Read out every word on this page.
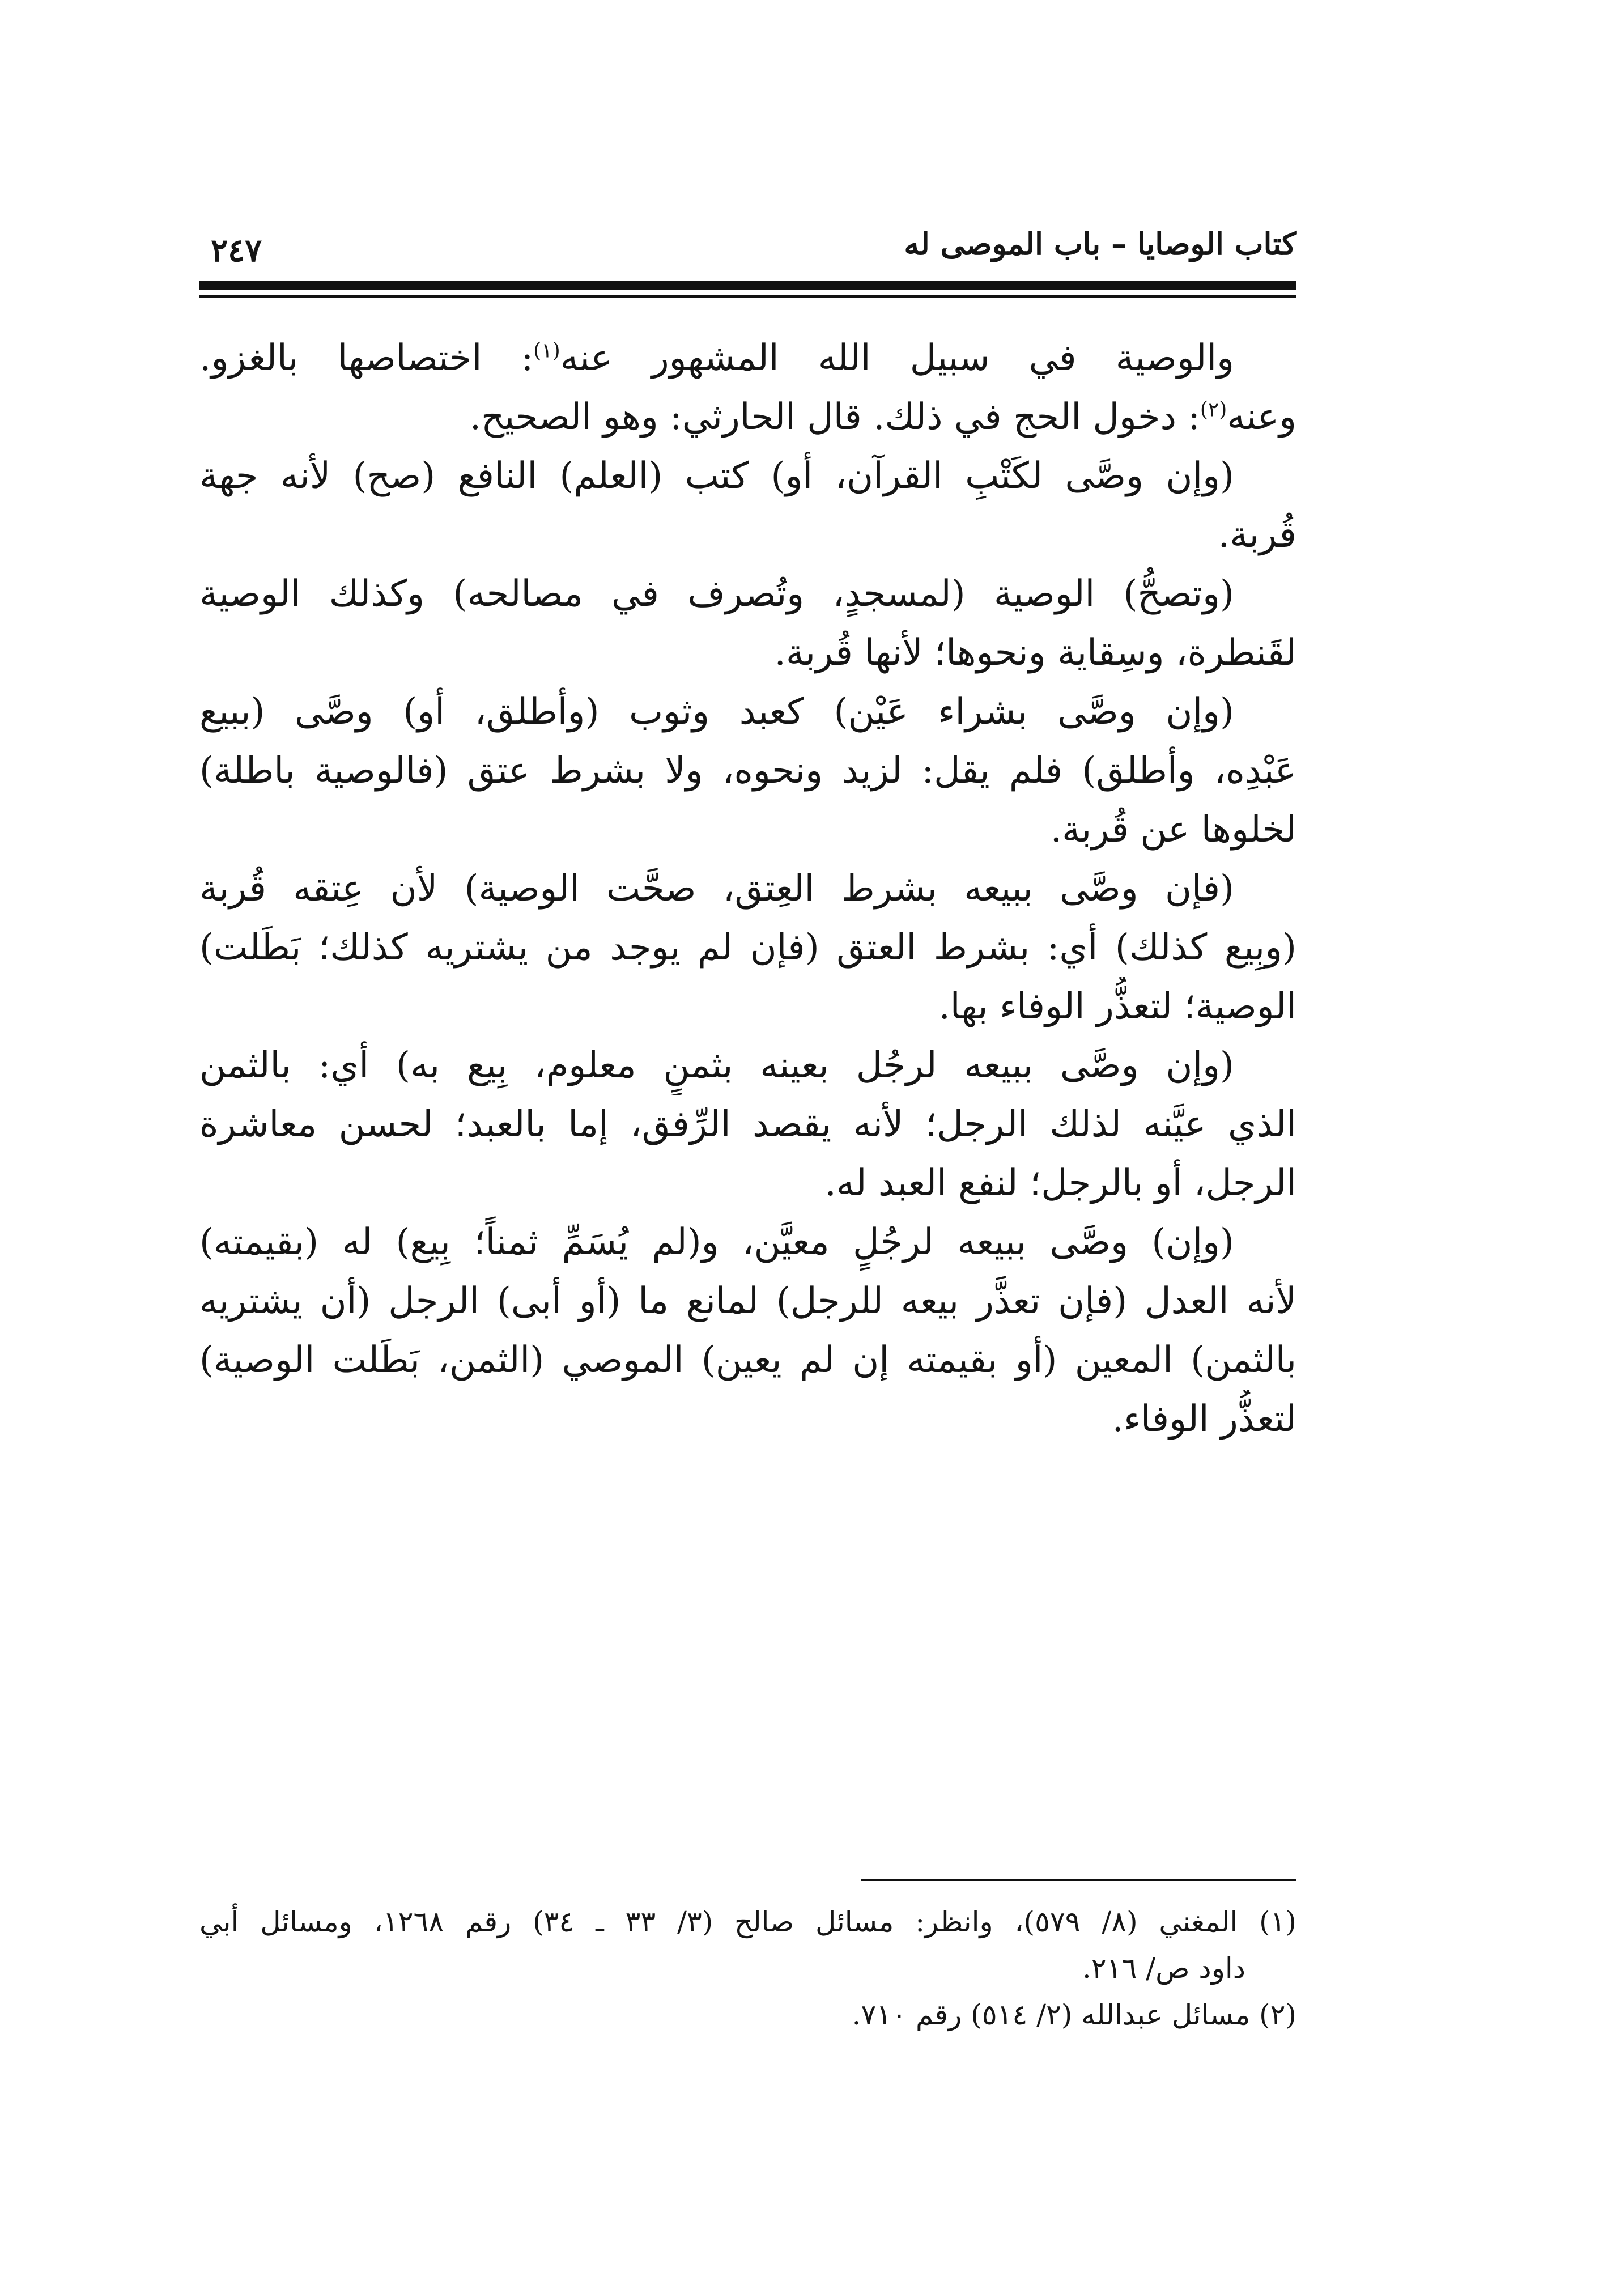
كتاب الوصايا – باب الموصى له
٢٤٧
والوصية في سبيل الله المشهور عنه$^{(١)}$: اختصاصها بالغزو.
وعنه$^{(٢)}$: دخول الحج في ذلك. قال الحارثي: وهو الصحيح.
(وإن وصَّى لكَتْبِ القرآن، أو) كتب (العلم) النافع (صح) لأنه جهة
قُربة.
(وتصحُّ) الوصية (لمسجدٍ، وتُصرف في مصالحه) وكذلك الوصية
لقَنطرة، وسِقاية ونحوها؛ لأنها قُربة.
(وإن وصَّى بشراء عَيْن) كعبد وثوب (وأطلق، أو) وصَّى (ببيع
عَبْدِه، وأطلق) فلم يقل: لزيد ونحوه، ولا بشرط عتق (فالوصية باطلة)
لخلوها عن قُربة.
(فإن وصَّى ببيعه بشرط العِتق، صحَّت الوصية) لأن عِتقه قُربة
(وبِيع كذلك) أي: بشرط العتق (فإن لم يوجد من يشتريه كذلك؛ بَطَلت)
الوصية؛ لتعذُّر الوفاء بها.
(وإن وصَّى ببيعه لرجُل بعينه بثمنٍ معلوم، بِيع به) أي: بالثمن
الذي عيَّنه لذلك الرجل؛ لأنه يقصد الرِّفق، إما بالعبد؛ لحسن معاشرة
الرجل، أو بالرجل؛ لنفع العبد له.
(وإن) وصَّى ببيعه لرجُلٍ معيَّن، و(لم يُسَمِّ ثمناً؛ بِيع) له (بقيمته)
لأنه العدل (فإن تعذَّر بيعه للرجل) لمانع ما (أو أبى) الرجل (أن يشتريه
بالثمن) المعين (أو بقيمته إن لم يعين) الموصي (الثمن، بَطَلت الوصية)
لتعذُّر الوفاء.
(١) المغني (٨/ ٥٧٩)، وانظر: مسائل صالح (٣/ ٣٣ ـ ٣٤) رقم ١٢٦٨، ومسائل أبي
داود ص/ ٢١٦.
(٢) مسائل عبدالله (٢/ ٥١٤) رقم ٧١٠.
